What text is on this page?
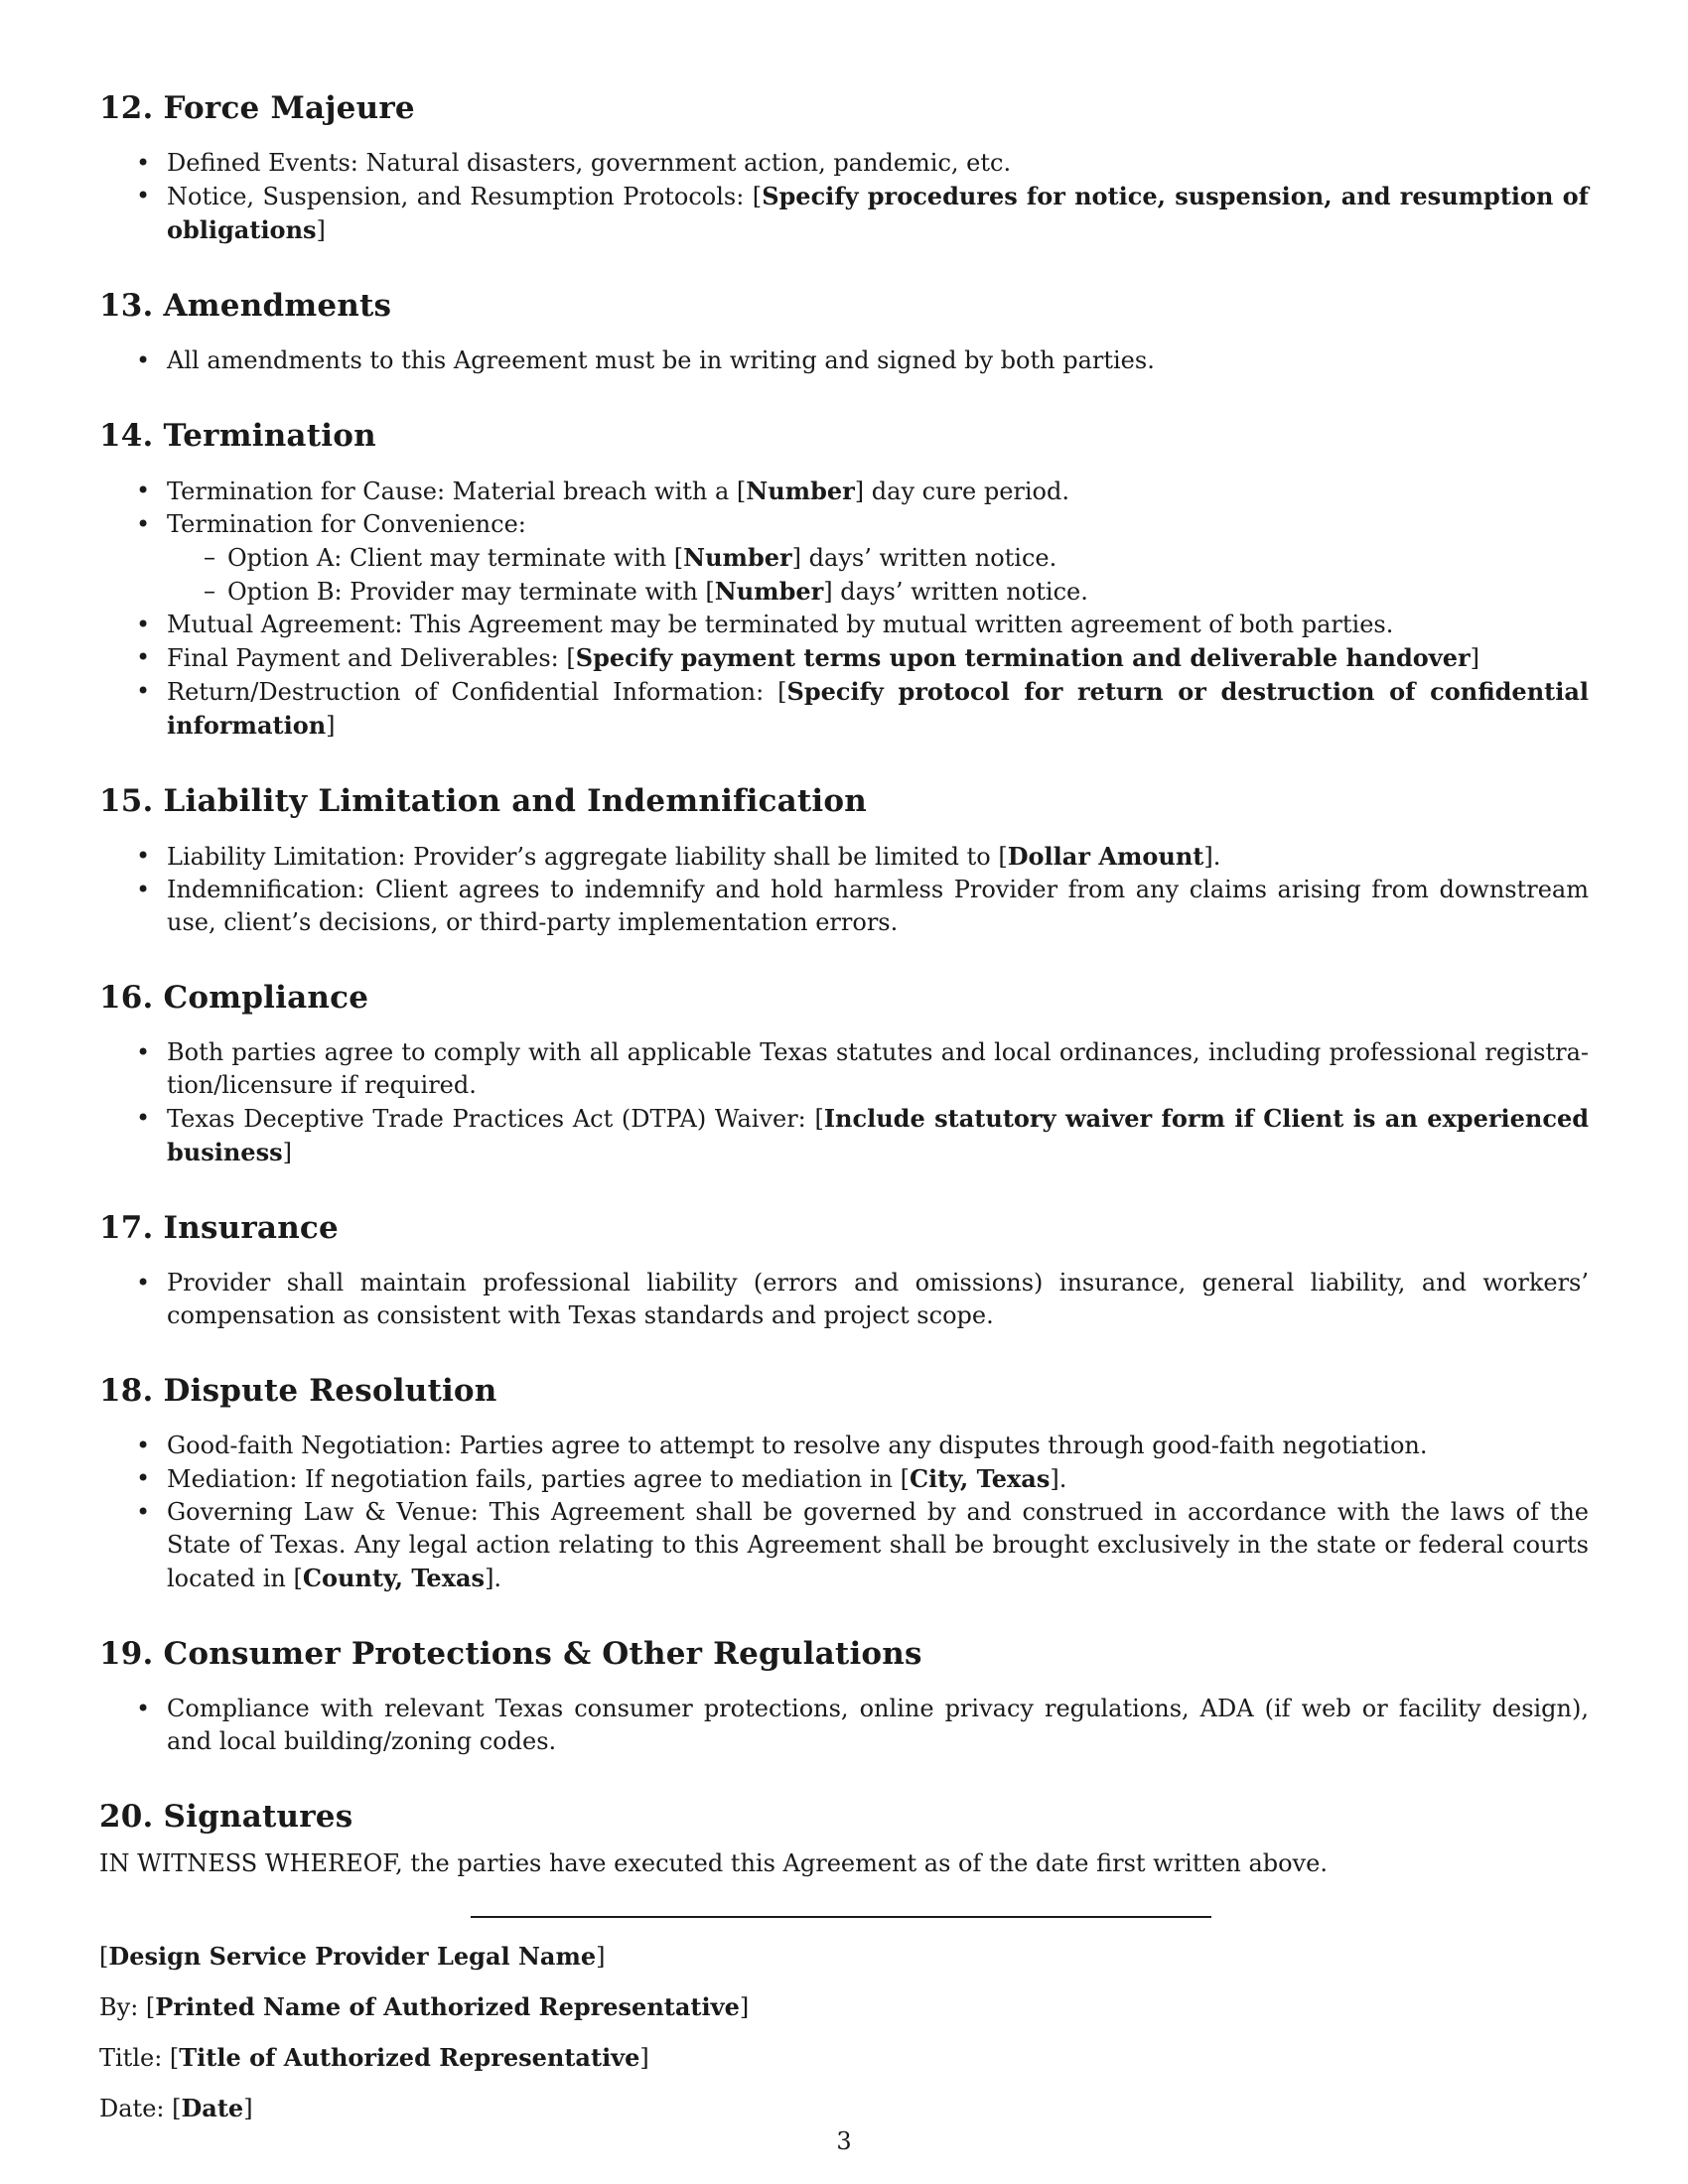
12. Force Majeure
• Defined Events: Natural disasters, government action, pandemic, etc.
• Notice, Suspension, and Resumption Protocols: [Specify procedures for notice, suspension, and resumption of obligations]
13. Amendments
• All amendments to this Agreement must be in writing and signed by both parties.
14. Termination
• Termination for Cause: Material breach with a [Number] day cure period.
• Termination for Convenience:
– Option A: Client may terminate with [Number] days’ written notice.
– Option B: Provider may terminate with [Number] days’ written notice.
• Mutual Agreement: This Agreement may be terminated by mutual written agreement of both parties.
• Final Payment and Deliverables: [Specify payment terms upon termination and deliverable handover]
• Return/Destruction of Confidential Information: [Specify protocol for return or destruction of confidential information]
15. Liability Limitation and Indemnification
• Liability Limitation: Provider’s aggregate liability shall be limited to [Dollar Amount].
• Indemnification: Client agrees to indemnify and hold harmless Provider from any claims arising from downstream use, client’s decisions, or third-party implementation errors.
16. Compliance
• Both parties agree to comply with all applicable Texas statutes and local ordinances, including professional registration/licensure if required.
• Texas Deceptive Trade Practices Act (DTPA) Waiver: [Include statutory waiver form if Client is an experienced business]
17. Insurance
• Provider shall maintain professional liability (errors and omissions) insurance, general liability, and workers’ compensation as consistent with Texas standards and project scope.
18. Dispute Resolution
• Good-faith Negotiation: Parties agree to attempt to resolve any disputes through good-faith negotiation.
• Mediation: If negotiation fails, parties agree to mediation in [City, Texas].
• Governing Law & Venue: This Agreement shall be governed by and construed in accordance with the laws of the State of Texas. Any legal action relating to this Agreement shall be brought exclusively in the state or federal courts located in [County, Texas].
19. Consumer Protections & Other Regulations
• Compliance with relevant Texas consumer protections, online privacy regulations, ADA (if web or facility design), and local building/zoning codes.
20. Signatures

IN WITNESS WHEREOF, the parties have executed this Agreement as of the date first written above.

[Design Service Provider Legal Name]

By: [Printed Name of Authorized Representative]

Title: [Title of Authorized Representative]

Date: [Date]

3
